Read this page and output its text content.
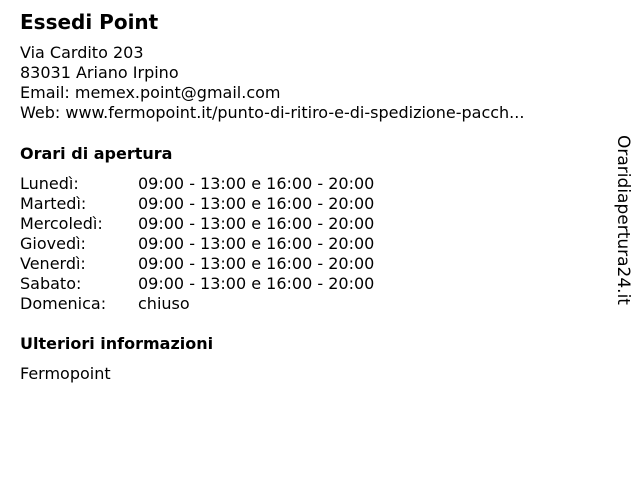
Essedi Point
Via Cardito 203
83031 Ariano Irpino
Email: memex.point@gmail.com
Web: www.fermopoint.it/punto-di-ritiro-e-di-spedizione-pacch...
Orari di apertura
Lunedì:	09:00 - 13:00 e 16:00 - 20:00
Martedì:	09:00 - 13:00 e 16:00 - 20:00
Mercoledì: 09:00 - 13:00 e 16:00 - 20:00
Giovedì:	09:00 - 13:00 e 16:00 - 20:00
Venerdì:	09:00 - 13:00 e 16:00 - 20:00
Sabato:	09:00 - 13:00 e 16:00 - 20:00
Domenica: chiuso
Ulteriori informazioni
Fermopoint
Oraridiapertura24.it
